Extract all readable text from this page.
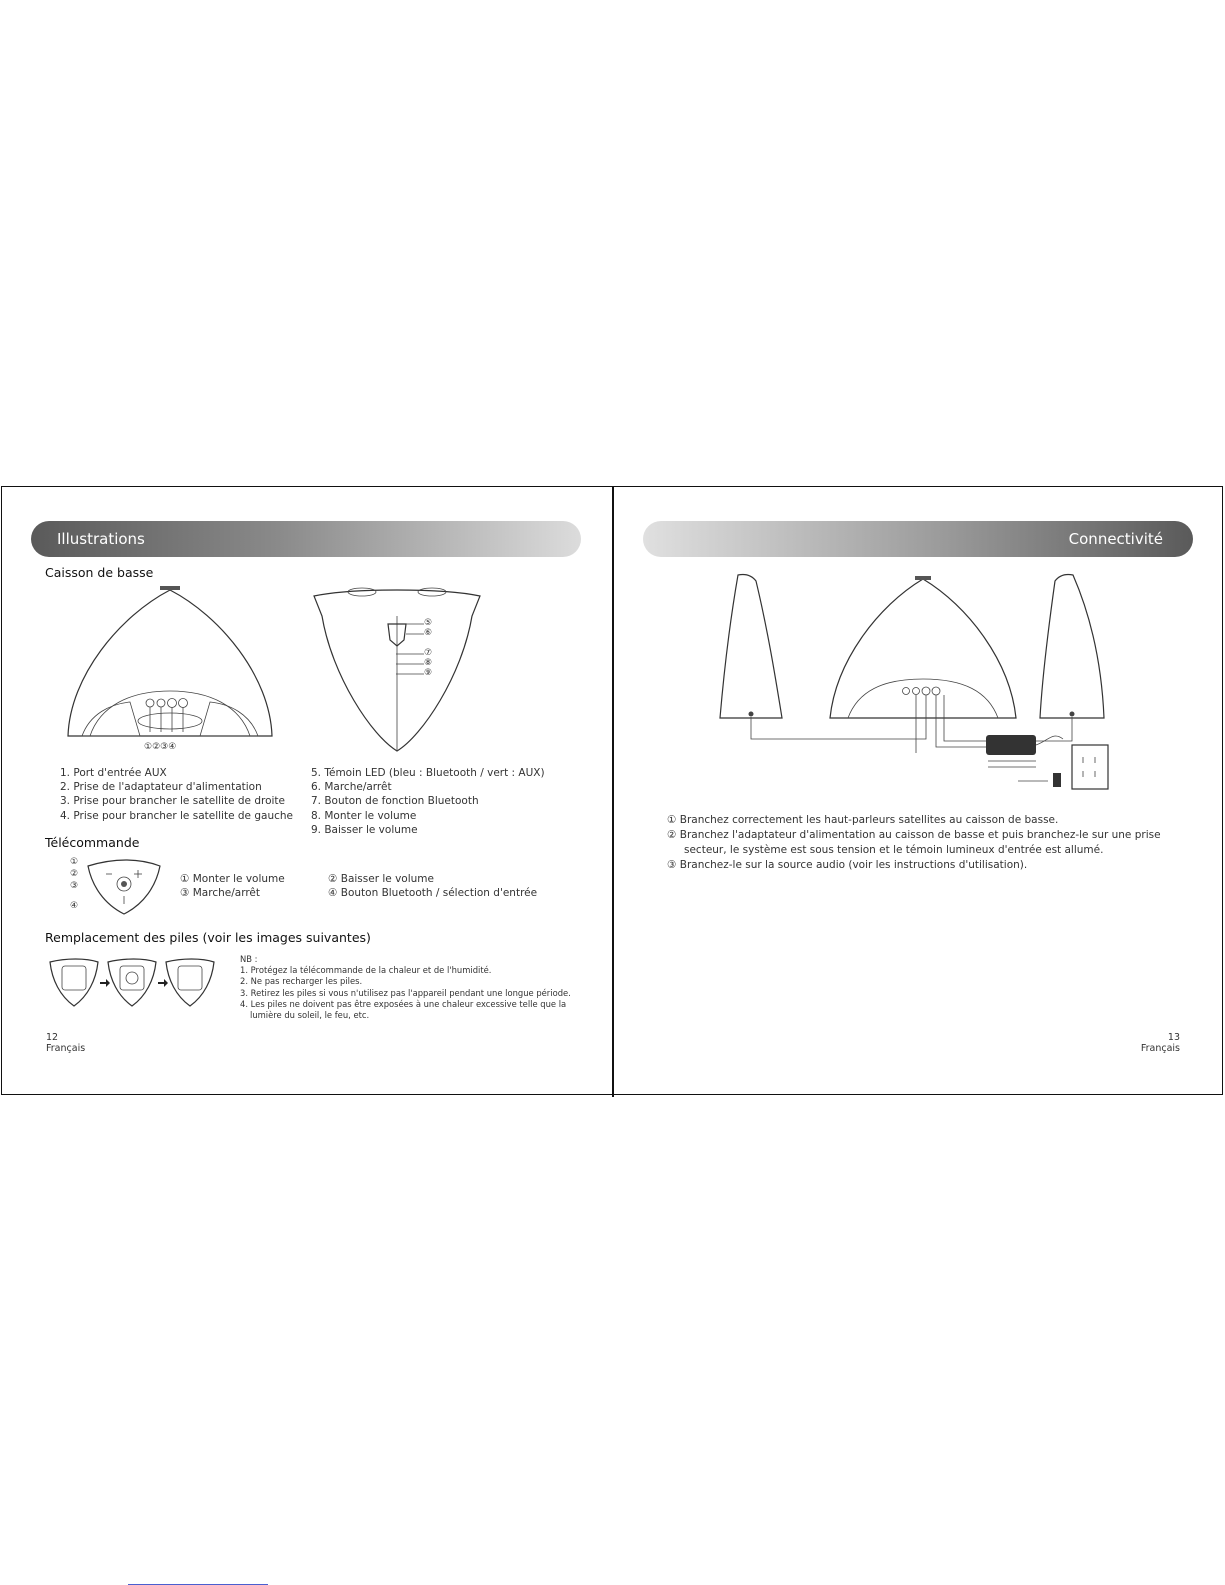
Illustrations
Caisson de basse
①②③④
⑤
⑥
⑦
⑧
⑨
1. Port d'entrée AUX
2. Prise de l'adaptateur d'alimentation
3. Prise pour brancher le satellite de droite
4. Prise pour brancher le satellite de gauche
5. Témoin LED (bleu : Bluetooth / vert : AUX)
6. Marche/arrêt
7. Bouton de fonction Bluetooth
8. Monter le volume
9. Baisser le volume
Télécommande
①
②
③
④
① Monter le volume	② Baisser le volume
③ Marche/arrêt	④ Bouton Bluetooth / sélection d'entrée
Remplacement des piles (voir les images suivantes)
NB :
1. Protégez la télécommande de la chaleur et de l'humidité.
2. Ne pas recharger les piles.
3. Retirez les piles si vous n'utilisez pas l'appareil pendant une longue période.
4. Les piles ne doivent pas être exposées à une chaleur excessive telle que la
lumière du soleil, le feu, etc.
12
Français
Connectivité
① Branchez correctement les haut-parleurs satellites au caisson de basse.
② Branchez l'adaptateur d'alimentation au caisson de basse et puis branchez-le sur une prise
secteur, le système est sous tension et le témoin lumineux d'entrée est allumé.
③ Branchez-le sur la source audio (voir les instructions d'utilisation).
13
Français
